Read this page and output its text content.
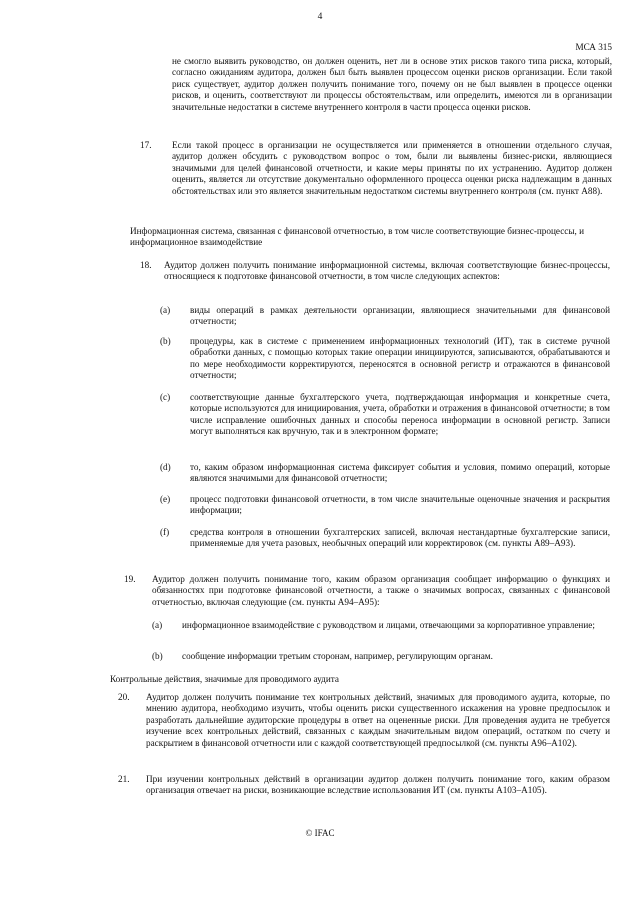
4
МСА 315
не смогло выявить руководство, он должен оценить, нет ли в основе этих рисков такого типа риска, который, согласно ожиданиям аудитора, должен был быть выявлен процессом оценки рисков организации. Если такой риск существует, аудитор должен получить понимание того, почему он не был выявлен в процессе оценки рисков, и оценить, соответствуют ли процессы обстоятельствам, или определить, имеются ли в организации значительные недостатки в системе внутреннего контроля в части процесса оценки рисков.
17. Если такой процесс в организации не осуществляется или применяется в отношении отдельного случая, аудитор должен обсудить с руководством вопрос о том, были ли выявлены бизнес-риски, являющиеся значимыми для целей финансовой отчетности, и какие меры приняты по их устранению. Аудитор должен оценить, является ли отсутствие документально оформленного процесса оценки риска надлежащим в данных обстоятельствах или это является значительным недостатком системы внутреннего контроля (см. пункт А88).
Информационная система, связанная с финансовой отчетностью, в том числе соответствующие бизнес-процессы, и информационное взаимодействие
18. Аудитор должен получить понимание информационной системы, включая соответствующие бизнес-процессы, относящиеся к подготовке финансовой отчетности, в том числе следующих аспектов:
(a) виды операций в рамках деятельности организации, являющиеся значительными для финансовой отчетности;
(b) процедуры, как в системе с применением информационных технологий (ИТ), так в системе ручной обработки данных, с помощью которых такие операции инициируются, записываются, обрабатываются и по мере необходимости корректируются, переносятся в основной регистр и отражаются в финансовой отчетности;
(c) соответствующие данные бухгалтерского учета, подтверждающая информация и конкретные счета, которые используются для инициирования, учета, обработки и отражения в финансовой отчетности; в том числе исправление ошибочных данных и способы переноса информации в основной регистр. Записи могут выполняться как вручную, так и в электронном формате;
(d) то, каким образом информационная система фиксирует события и условия, помимо операций, которые являются значимыми для финансовой отчетности;
(e) процесс подготовки финансовой отчетности, в том числе значительные оценочные значения и раскрытия информации;
(f) средства контроля в отношении бухгалтерских записей, включая нестандартные бухгалтерские записи, применяемые для учета разовых, необычных операций или корректировок (см. пункты А89–А93).
19. Аудитор должен получить понимание того, каким образом организация сообщает информацию о функциях и обязанностях при подготовке финансовой отчетности, а также о значимых вопросах, связанных с финансовой отчетностью, включая следующие (см. пункты А94–А95):
(a) информационное взаимодействие с руководством и лицами, отвечающими за корпоративное управление;
(b) сообщение информации третьим сторонам, например, регулирующим органам.
Контрольные действия, значимые для проводимого аудита
20. Аудитор должен получить понимание тех контрольных действий, значимых для проводимого аудита, которые, по мнению аудитора, необходимо изучить, чтобы оценить риски существенного искажения на уровне предпосылок и разработать дальнейшие аудиторские процедуры в ответ на оцененные риски. Для проведения аудита не требуется изучение всех контрольных действий, связанных с каждым значительным видом операций, остатком по счету и раскрытием в финансовой отчетности или с каждой соответствующей предпосылкой (см. пункты А96–А102).
21. При изучении контрольных действий в организации аудитор должен получить понимание того, каким образом организация отвечает на риски, возникающие вследствие использования ИТ (см. пункты А103–А105).
© IFAC
